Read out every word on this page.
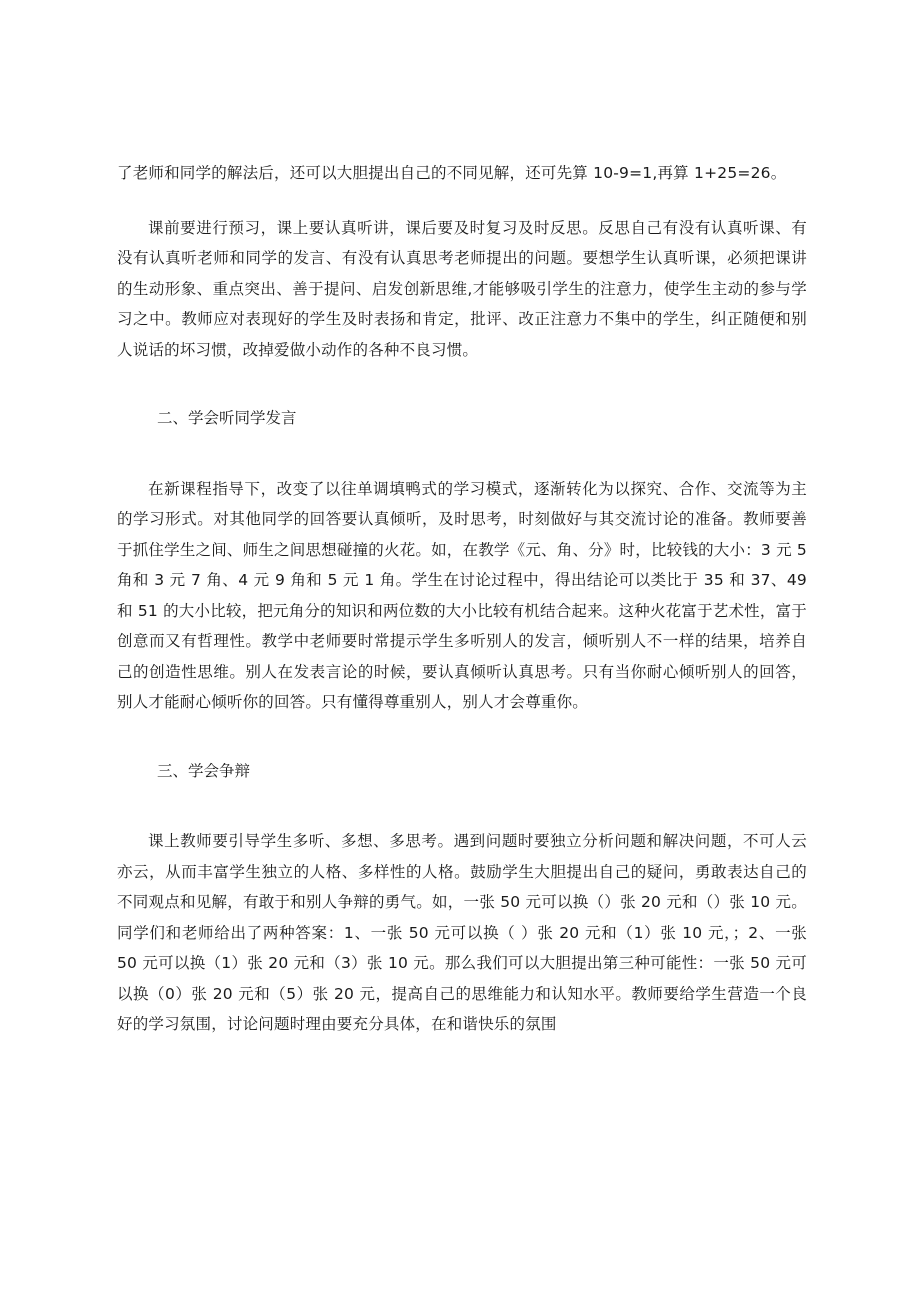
了老师和同学的解法后，还可以大胆提出自己的不同见解，还可先算 10-9=1,再算 1+25=26。

课前要进行预习，课上要认真听讲，课后要及时复习及时反思。反思自己有没有认真听课、有没有认真听老师和同学的发言、有没有认真思考老师提出的问题。要想学生认真听课，必须把课讲的生动形象、重点突出、善于提问、启发创新思维,才能够吸引学生的注意力，使学生主动的参与学习之中。教师应对表现好的学生及时表扬和肯定，批评、改正注意力不集中的学生，纠正随便和别人说话的坏习惯，改掉爱做小动作的各种不良习惯。

二、学会听同学发言

在新课程指导下，改变了以往单调填鸭式的学习模式，逐渐转化为以探究、合作、交流等为主的学习形式。对其他同学的回答要认真倾听，及时思考，时刻做好与其交流讨论的准备。教师要善于抓住学生之间、师生之间思想碰撞的火花。如，在教学《元、角、分》时，比较钱的大小：3 元 5 角和 3 元 7 角、4 元 9 角和 5 元 1 角。学生在讨论过程中，得出结论可以类比于 35 和 37、49 和 51 的大小比较，把元角分的知识和两位数的大小比较有机结合起来。这种火花富于艺术性，富于创意而又有哲理性。教学中老师要时常提示学生多听别人的发言，倾听别人不一样的结果，培养自己的创造性思维。别人在发表言论的时候，要认真倾听认真思考。只有当你耐心倾听别人的回答，别人才能耐心倾听你的回答。只有懂得尊重别人，别人才会尊重你。

三、学会争辩

课上教师要引导学生多听、多想、多思考。遇到问题时要独立分析问题和解决问题，不可人云亦云，从而丰富学生独立的人格、多样性的人格。鼓励学生大胆提出自己的疑问，勇敢表达自己的不同观点和见解，有敢于和别人争辩的勇气。如，一张 50 元可以换（）张 20 元和（）张 10 元。同学们和老师给出了两种答案：1、一张 50 元可以换（ ）张 20 元和（1）张 10 元，；2、一张 50 元可以换（1）张 20 元和（3）张 10 元。那么我们可以大胆提出第三种可能性：一张 50 元可以换（0）张 20 元和（5）张 20 元，提高自己的思维能力和认知水平。教师要给学生营造一个良好的学习氛围，讨论问题时理由要充分具体，在和谐快乐的氛围
